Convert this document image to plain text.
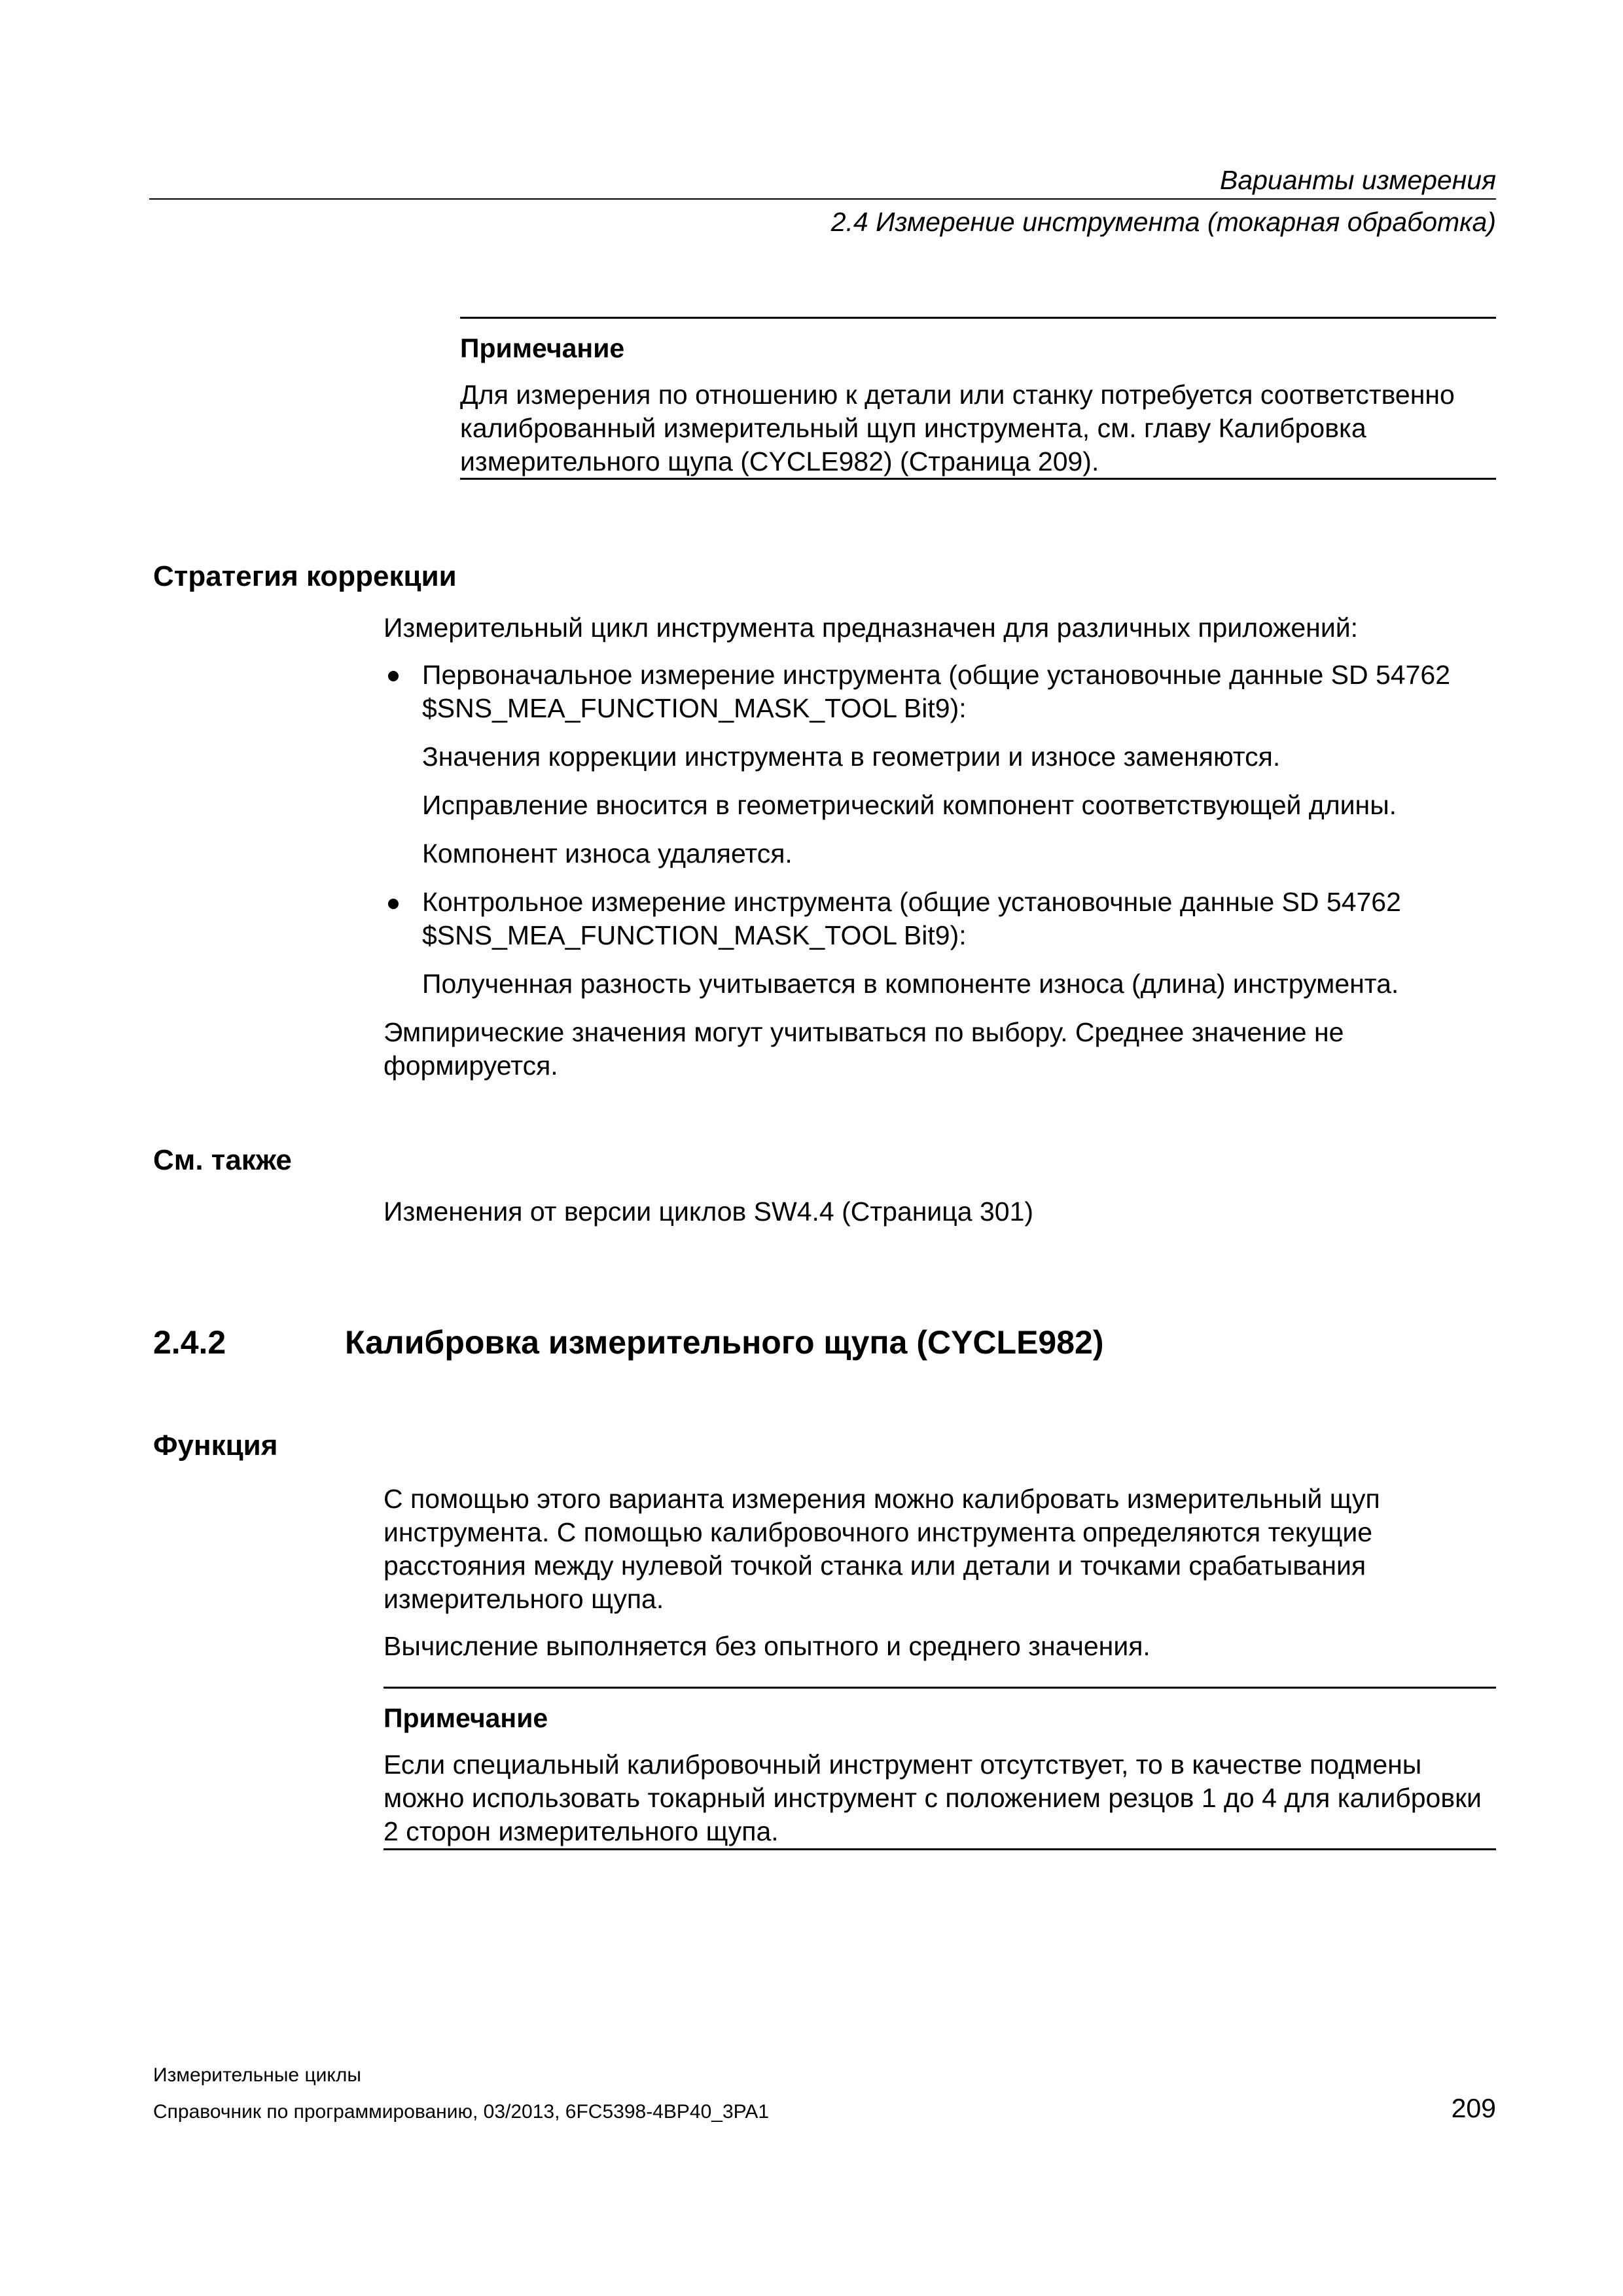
Варианты измерения
2.4 Измерение инструмента (токарная обработка)

Примечание

Для измерения по отношению к детали или станку потребуется соответственно калиброванный измерительный щуп инструмента, см. главу Калибровка измерительного щупа (CYCLE982) (Страница 209).

Стратегия коррекции

Измерительный цикл инструмента предназначен для различных приложений:

Первоначальное измерение инструмента (общие установочные данные SD 54762 $SNS_MEA_FUNCTION_MASK_TOOL Bit9):

Значения коррекции инструмента в геометрии и износе заменяются.

Исправление вносится в геометрический компонент соответствующей длины.

Компонент износа удаляется.

Контрольное измерение инструмента (общие установочные данные SD 54762 $SNS_MEA_FUNCTION_MASK_TOOL Bit9):

Полученная разность учитывается в компоненте износа (длина) инструмента.

Эмпирические значения могут учитываться по выбору. Среднее значение не формируется.

См. также

Изменения от версии циклов SW4.4 (Страница 301)

2.4.2	Калибровка измерительного щупа (CYCLE982)
Функция

С помощью этого варианта измерения можно калибровать измерительный щуп инструмента. С помощью калибровочного инструмента определяются текущие расстояния между нулевой точкой станка или детали и точками срабатывания измерительного щупа.

Вычисление выполняется без опытного и среднего значения.

Примечание

Если специальный калибровочный инструмент отсутствует, то в качестве подмены можно использовать токарный инструмент с положением резцов 1 до 4 для калибровки 2 сторон измерительного щупа.

Измерительные циклы
Справочник по программированию, 03/2013, 6FC5398-4BP40_3PA1	209
